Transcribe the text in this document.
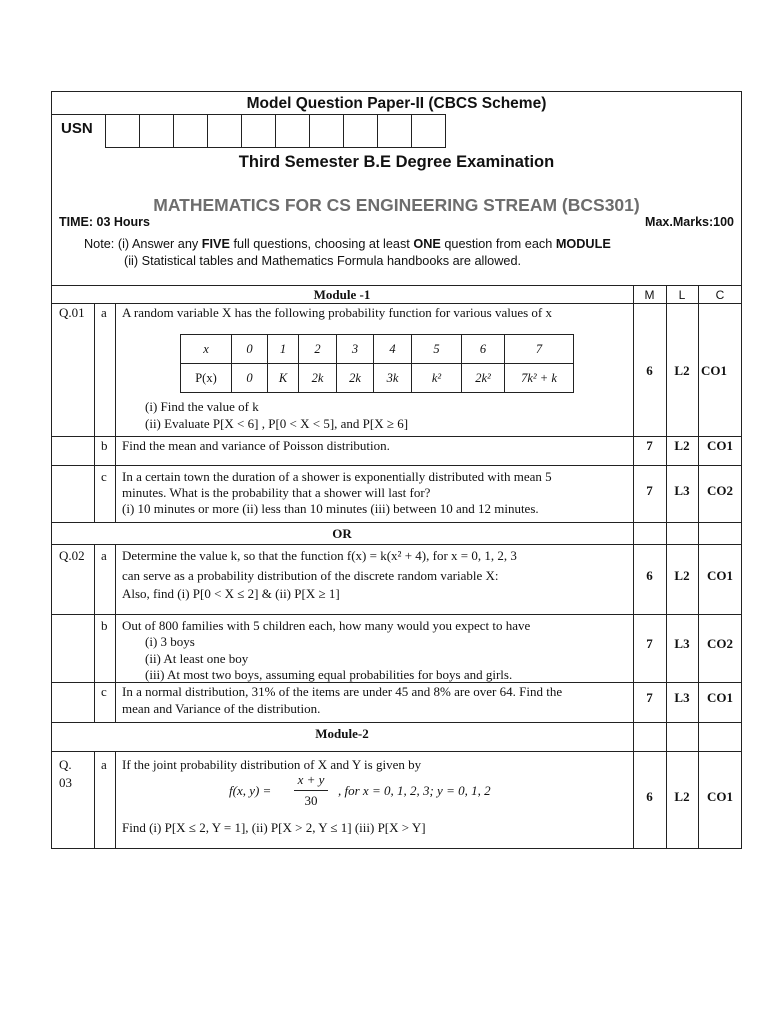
Model Question Paper-II (CBCS Scheme)
USN
Third Semester B.E Degree Examination
MATHEMATICS FOR CS ENGINEERING STREAM (BCS301)
TIME: 03 Hours	Max.Marks:100
Note: (i) Answer any FIVE full questions, choosing at least ONE question from each MODULE
(ii) Statistical tables and Mathematics Formula handbooks are allowed.
M	L	C
Module -1
Q.01 a A random variable X has the following probability function for various values of x
x	0	1	2	3	4	5	6	7
P(x)	0	K	2k	2k	3k	k²	2k²	7k² + k
(i) Find the value of k
(ii) Evaluate P[X < 6] , P[0 < X < 5], and P[X ≥ 6]
6	L2 CO1
b Find the mean and variance of Poisson distribution.	7	L2	CO1
c In a certain town the duration of a shower is exponentially distributed with mean 5
minutes. What is the probability that a shower will last for?
(i) 10 minutes or more (ii) less than 10 minutes (iii) between 10 and 12 minutes.
7	L3	CO2
OR
Q.02 a Determine the value k, so that the function f(x) = k(x² + 4), for x = 0, 1, 2, 3
can serve as a probability distribution of the discrete random variable X:
Also, find (i) P[0 < X ≤ 2] & (ii) P[X ≥ 1]
6	L2	CO1
b Out of 800 families with 5 children each, how many would you expect to have
(i) 3 boys
(ii) At least one boy
(iii) At most two boys, assuming equal probabilities for boys and girls.
7	L3	CO2
c In a normal distribution, 31% of the items are under 45 and 8% are over 64. Find the
mean and Variance of the distribution.
7	L3	CO1
Module-2
Q.
03
a If the joint probability distribution of X and Y is given by
f(x, y) =
x + y
30
, for x = 0, 1, 2, 3; y = 0, 1, 2
Find (i) P[X ≤ 2, Y = 1], (ii) P[X > 2, Y ≤ 1] (iii) P[X > Y]
6	L2	CO1
